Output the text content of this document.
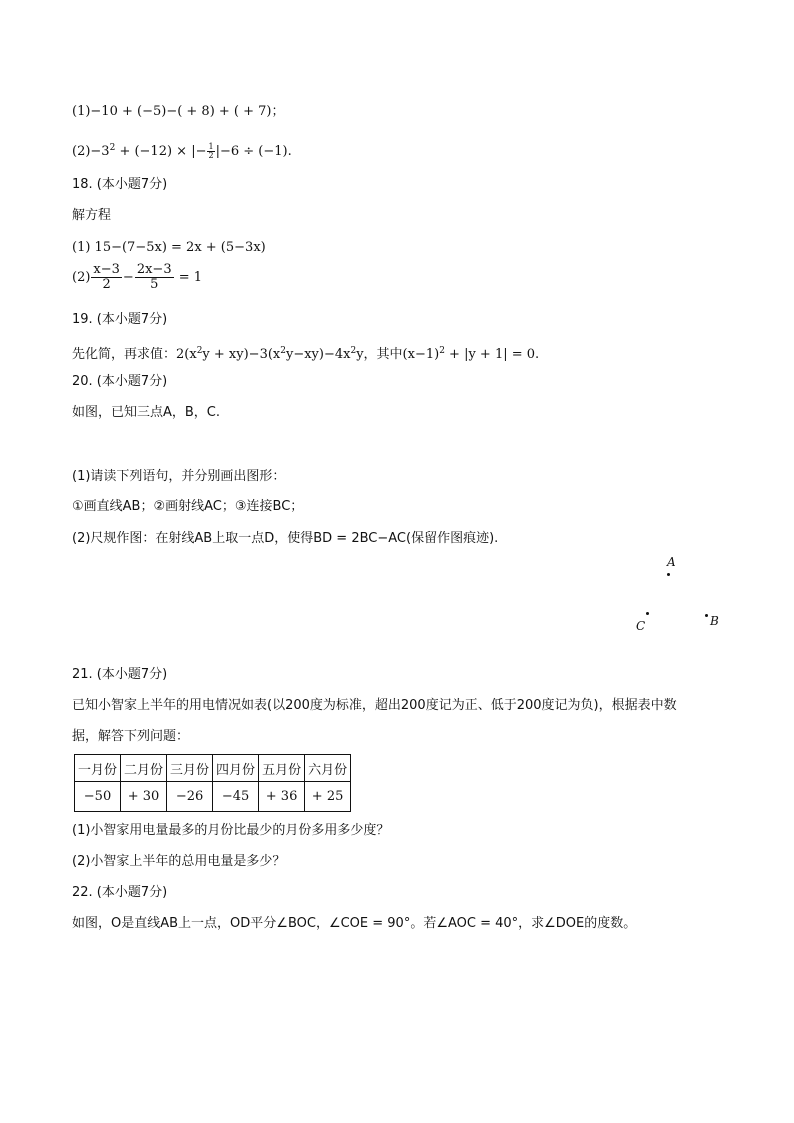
(1)−10 + (−5)−( + 8) + ( + 7)；
$(2)-3^2 + (-12)$ × |− $\frac{1}{2} |-6 \div (-1)$.
18. (本小题7分)
解方程
(1) 15−(7−5x) = 2x + (5−3x)
$(2) \frac{x-3}{2} - \frac{2x-3}{5} = 1$
19. (本小题7分)
先化简，再求值：$2(x^2y + xy)-3(x^2y-xy)-4x^2y$，其中$(x-1)^2 + |y + 1| = 0$.
20. (本小题7分)
如图，已知三点A，B，C.
(1)请读下列语句，并分别画出图形：
①画直线AB；②画射线AC；③连接BC；
(2)尺规作图：在射线AB上取一点D，使得BD = 2BC−AC(保留作图痕迹).
A
C	B
21. (本小题7分)
已知小智家上半年的用电情况如表(以200度为标准，超出200度记为正、低于200度记为负)，根据表中数
据，解答下列问题：
一月份	二月份	三月份	四月份	五月份	六月份
−50	+ 30	−26	−45	+ 36	+ 25
(1)小智家用电量最多的月份比最少的月份多用多少度？
(2)小智家上半年的总用电量是多少？
22. (本小题7分)
如图，O是直线AB上一点，OD平分∠BOC，∠COE = 90°。若∠AOC = 40°，求∠DOE的度数。
